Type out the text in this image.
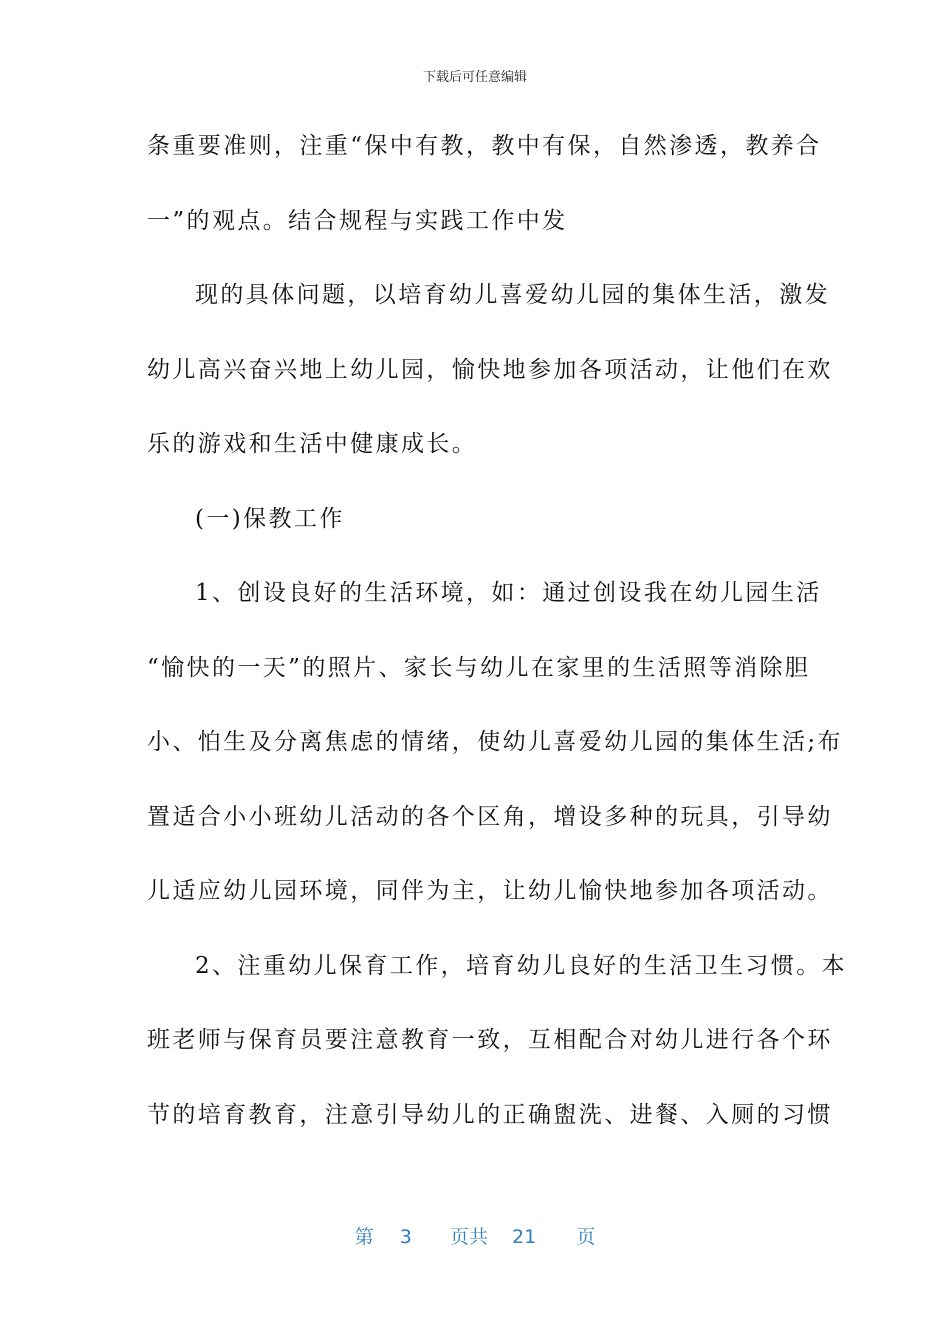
下载后可任意编辑
条重要准则，注重“保中有教，教中有保，自然渗透，教养合
一”的观点。结合规程与实践工作中发
现的具体问题，以培育幼儿喜爱幼儿园的集体生活，激发
幼儿高兴奋兴地上幼儿园，愉快地参加各项活动，让他们在欢
乐的游戏和生活中健康成长。
(一)保教工作
1、创设良好的生活环境，如：通过创设我在幼儿园生活
“愉快的一天”的照片、家长与幼儿在家里的生活照等消除胆
小、怕生及分离焦虑的情绪，使幼儿喜爱幼儿园的集体生活;布
置适合小小班幼儿活动的各个区角，增设多种的玩具，引导幼
儿适应幼儿园环境，同伴为主，让幼儿愉快地参加各项活动。
2、注重幼儿保育工作，培育幼儿良好的生活卫生习惯。本
班老师与保育员要注意教育一致，互相配合对幼儿进行各个环
节的培育教育，注意引导幼儿的正确盥洗、进餐、入厕的习惯
第 3 页共 21 页
